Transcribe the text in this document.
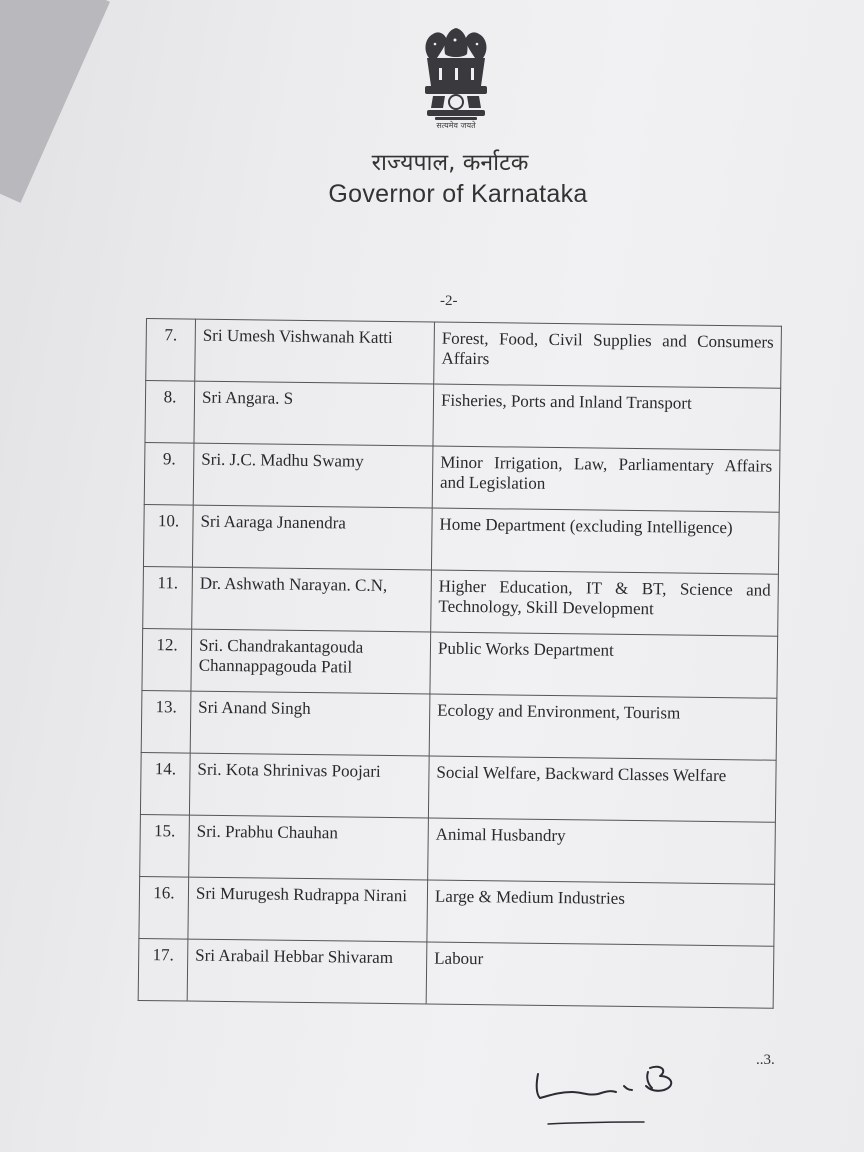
सत्यमेव जयते
राज्यपाल, कर्नाटक
Governor of Karnataka
-2-
7.	Sri Umesh Vishwanah Katti	Forest, Food, Civil Supplies and Consumers Affairs
8.	Sri Angara. S	Fisheries, Ports and Inland Transport
9.	Sri. J.C. Madhu Swamy	Minor Irrigation, Law, Parliamentary Affairs and Legislation
10.	Sri Aaraga Jnanendra	Home Department (excluding Intelligence)
11.	Dr. Ashwath Narayan. C.N,	Higher Education, IT & BT, Science and Technology, Skill Development
12.	Sri. Chandrakantagouda Channappagouda Patil	Public Works Department
13.	Sri Anand Singh	Ecology and Environment, Tourism
14.	Sri. Kota Shrinivas Poojari	Social Welfare, Backward Classes Welfare
15.	Sri. Prabhu Chauhan	Animal Husbandry
16.	Sri Murugesh Rudrappa Nirani	Large & Medium Industries
17.	Sri Arabail Hebbar Shivaram	Labour
..3.
